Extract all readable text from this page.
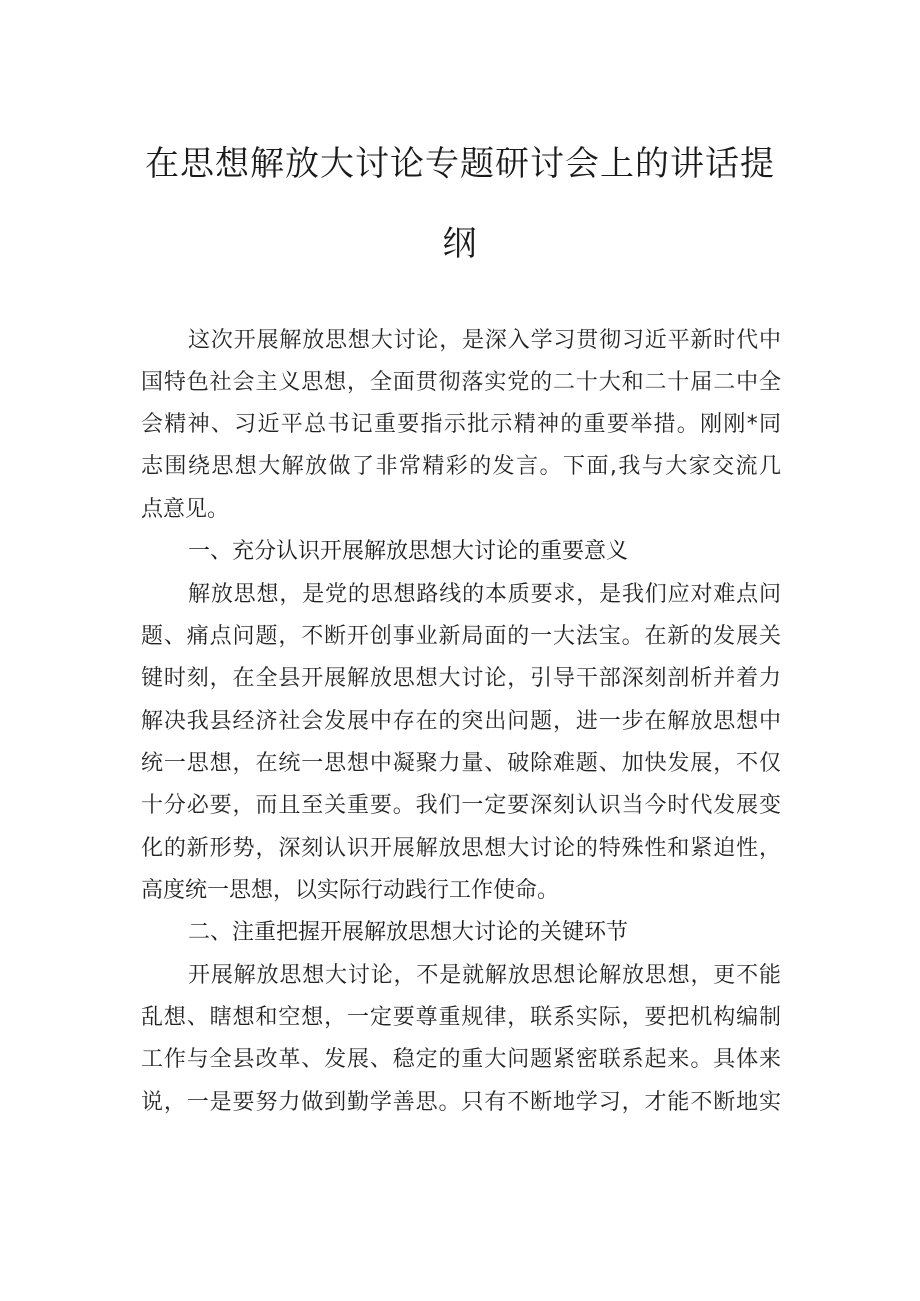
在思想解放大讨论专题研讨会上的讲话提
纲
这次开展解放思想大讨论，是深入学习贯彻习近平新时代中
国特色社会主义思想，全面贯彻落实党的二十大和二十届二中全
会精神、习近平总书记重要指示批示精神的重要举措。刚刚*同
志围绕思想大解放做了非常精彩的发言。下面,我与大家交流几
点意见。
一、充分认识开展解放思想大讨论的重要意义
解放思想，是党的思想路线的本质要求，是我们应对难点问
题、痛点问题，不断开创事业新局面的一大法宝。在新的发展关
键时刻，在全县开展解放思想大讨论，引导干部深刻剖析并着力
解决我县经济社会发展中存在的突出问题，进一步在解放思想中
统一思想，在统一思想中凝聚力量、破除难题、加快发展，不仅
十分必要，而且至关重要。我们一定要深刻认识当今时代发展变
化的新形势，深刻认识开展解放思想大讨论的特殊性和紧迫性，
高度统一思想，以实际行动践行工作使命。
二、注重把握开展解放思想大讨论的关键环节
开展解放思想大讨论，不是就解放思想论解放思想，更不能
乱想、瞎想和空想，一定要尊重规律，联系实际，要把机构编制
工作与全县改革、发展、稳定的重大问题紧密联系起来。具体来
说，一是要努力做到勤学善思。只有不断地学习，才能不断地实
